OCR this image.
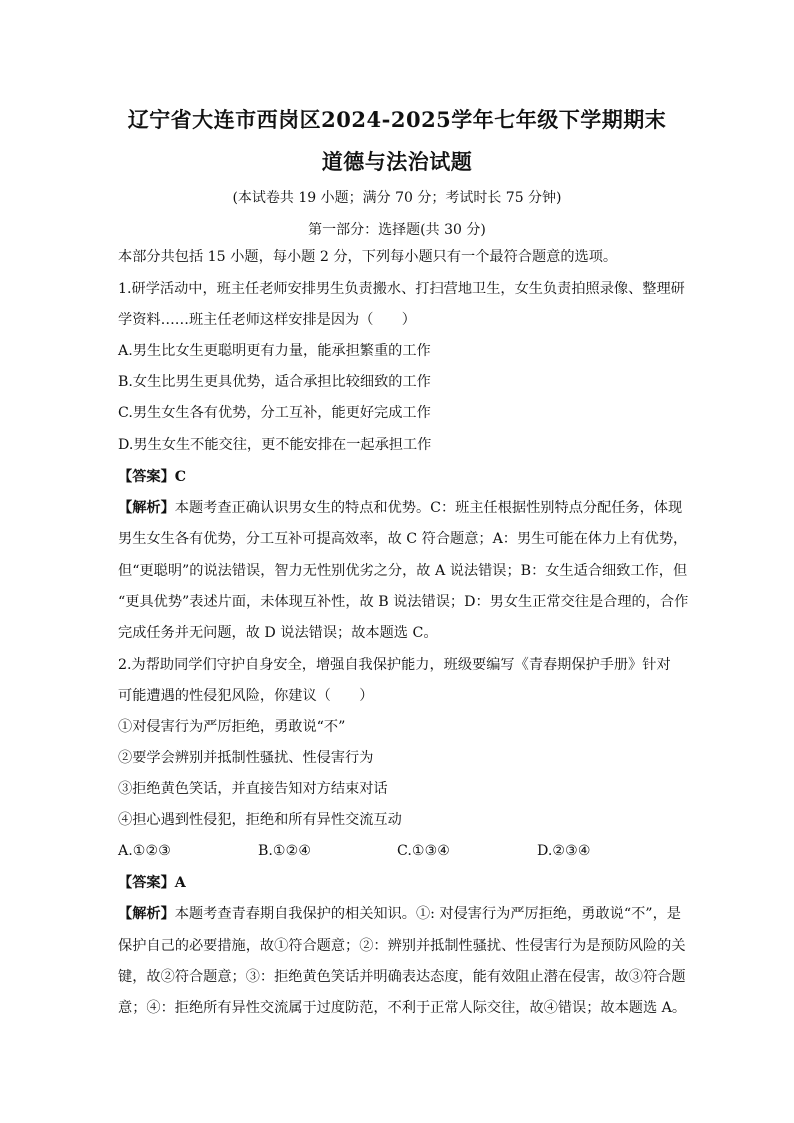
辽宁省大连市西岗区2024-2025学年七年级下学期期末
道德与法治试题
(本试卷共 19 小题；满分 70 分；考试时长 75 分钟)
第一部分：选择题(共 30 分)
本部分共包括 15 小题，每小题 2 分，下列每小题只有一个最符合题意的选项。
1.研学活动中，班主任老师安排男生负责搬水、打扫营地卫生，女生负责拍照录像、整理研
学资料……班主任老师这样安排是因为（　　）
A.男生比女生更聪明更有力量，能承担繁重的工作
B.女生比男生更具优势，适合承担比较细致的工作
C.男生女生各有优势，分工互补，能更好完成工作
D.男生女生不能交往，更不能安排在一起承担工作
【答案】C
【解析】本题考查正确认识男女生的特点和优势。C：班主任根据性别特点分配任务，体现
男生女生各有优势，分工互补可提高效率，故 C 符合题意；A：男生可能在体力上有优势，
但“更聪明”的说法错误，智力无性别优劣之分，故 A 说法错误；B：女生适合细致工作，但
“更具优势”表述片面，未体现互补性，故 B 说法错误；D：男女生正常交往是合理的，合作
完成任务并无问题，故 D 说法错误；故本题选 C。
2.为帮助同学们守护自身安全，增强自我保护能力，班级要编写《青春期保护手册》针对
可能遭遇的性侵犯风险，你建议（　　）
①对侵害行为严厉拒绝，勇敢说“不”
②要学会辨别并抵制性骚扰、性侵害行为
③拒绝黄色笑话，并直接告知对方结束对话
④担心遇到性侵犯，拒绝和所有异性交流互动
A.①②③	B.①②④	C.①③④	D.②③④
【答案】A
【解析】本题考查青春期自我保护的相关知识。①: 对侵害行为严厉拒绝，勇敢说“不”，是
保护自己的必要措施，故①符合题意；②：辨别并抵制性骚扰、性侵害行为是预防风险的关
键，故②符合题意；③：拒绝黄色笑话并明确表达态度，能有效阻止潜在侵害，故③符合题
意；④：拒绝所有异性交流属于过度防范，不利于正常人际交往，故④错误；故本题选 A。
